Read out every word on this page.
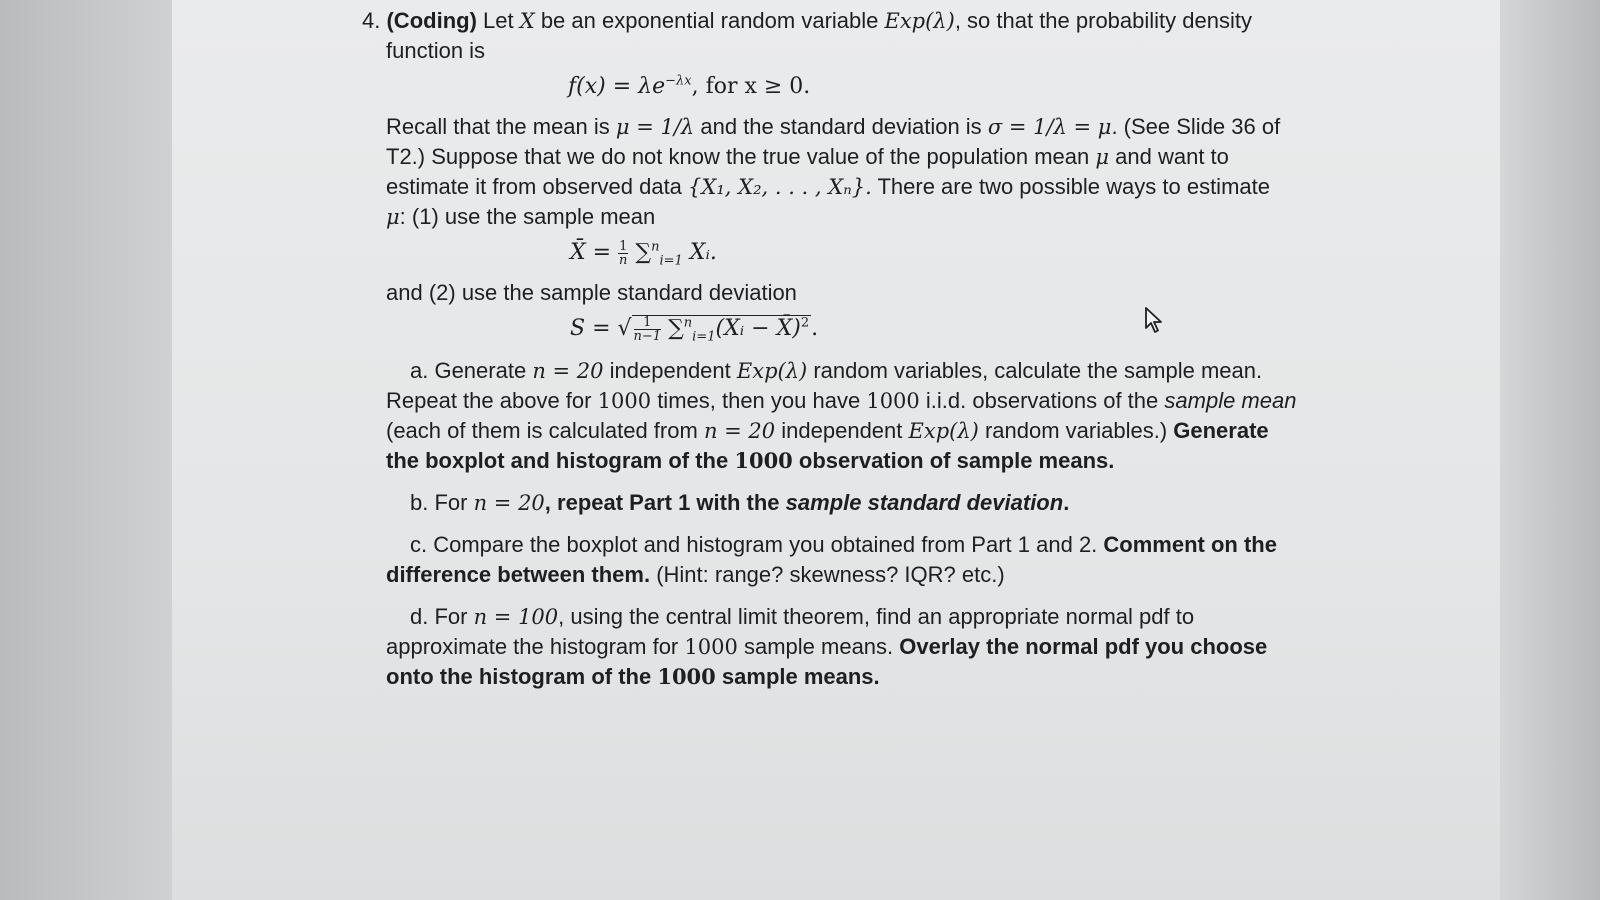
4. (Coding) Let X be an exponential random variable Exp(λ), so that the probability density
function is
$f(x) = \lambda e^{-\lambda x}$, for x ≥ 0.
Recall that the mean is μ = 1/λ and the standard deviation is σ = 1/λ = μ. (See Slide 36 of
T2.) Suppose that we do not know the true value of the population mean μ and want to
estimate it from observed data {X₁, X₂, . . . , Xₙ}. There are two possible ways to estimate
μ: (1) use the sample mean
X̄ = $\frac{1}{n} \sum^n_{i=1}$ Xᵢ.
and (2) use the sample standard deviation
S = √ $\frac{1}{n-1}$ ∑$^n_{i=1}$(Xᵢ − X̄)$^2$.
a. Generate n = 20 independent Exp(λ) random variables, calculate the sample mean.
Repeat the above for 1000 times, then you have 1000 i.i.d. observations of the sample mean
(each of them is calculated from n = 20 independent Exp(λ) random variables.) Generate
the boxplot and histogram of the 1000 observation of sample means.
b. For n = 20, repeat Part 1 with the sample standard deviation.
c. Compare the boxplot and histogram you obtained from Part 1 and 2. Comment on the
difference between them. (Hint: range? skewness? IQR? etc.)
d. For n = 100, using the central limit theorem, find an appropriate normal pdf to
approximate the histogram for 1000 sample means. Overlay the normal pdf you choose
onto the histogram of the 1000 sample means.
